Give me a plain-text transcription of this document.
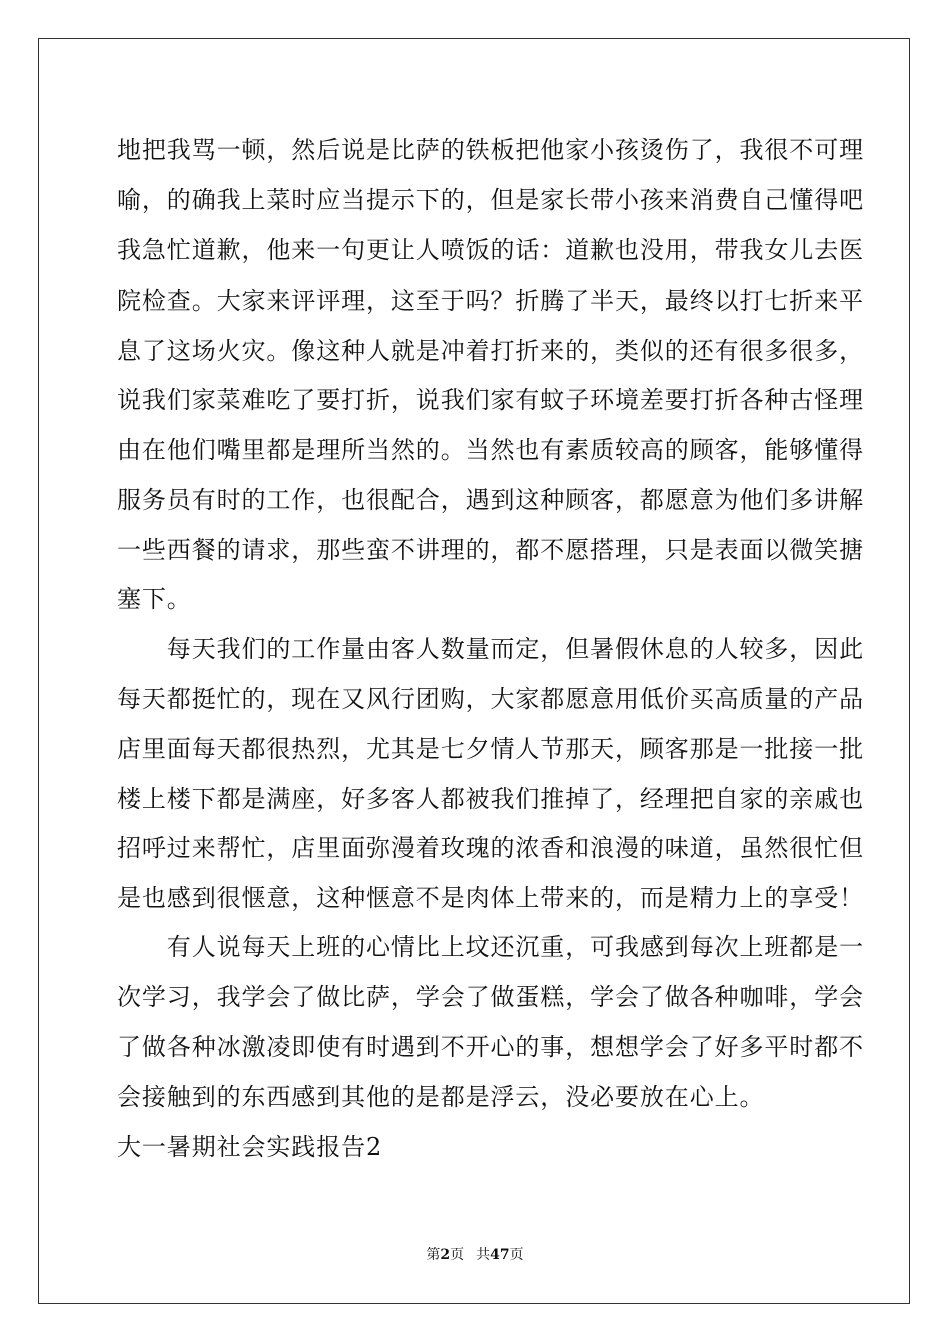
地把我骂一顿，然后说是比萨的铁板把他家小孩烫伤了，我很不可理
喻，的确我上菜时应当提示下的，但是家长带小孩来消费自己懂得吧
我急忙道歉，他来一句更让人喷饭的话：道歉也没用，带我女儿去医
院检查。大家来评评理，这至于吗？折腾了半天，最终以打七折来平
息了这场火灾。像这种人就是冲着打折来的，类似的还有很多很多，
说我们家菜难吃了要打折，说我们家有蚊子环境差要打折各种古怪理
由在他们嘴里都是理所当然的。当然也有素质较高的顾客，能够懂得
服务员有时的工作，也很配合，遇到这种顾客，都愿意为他们多讲解
一些西餐的请求，那些蛮不讲理的，都不愿搭理，只是表面以微笑搪
塞下。
　　每天我们的工作量由客人数量而定，但暑假休息的人较多，因此
每天都挺忙的，现在又风行团购，大家都愿意用低价买高质量的产品
店里面每天都很热烈，尤其是七夕情人节那天，顾客那是一批接一批
楼上楼下都是满座，好多客人都被我们推掉了，经理把自家的亲戚也
招呼过来帮忙，店里面弥漫着玫瑰的浓香和浪漫的味道，虽然很忙但
是也感到很惬意，这种惬意不是肉体上带来的，而是精力上的享受！
　　有人说每天上班的心情比上坟还沉重，可我感到每次上班都是一
次学习，我学会了做比萨，学会了做蛋糕，学会了做各种咖啡，学会
了做各种冰激凌即使有时遇到不开心的事，想想学会了好多平时都不
会接触到的东西感到其他的是都是浮云，没必要放在心上。
大一暑期社会实践报告2
第2页 共47页
